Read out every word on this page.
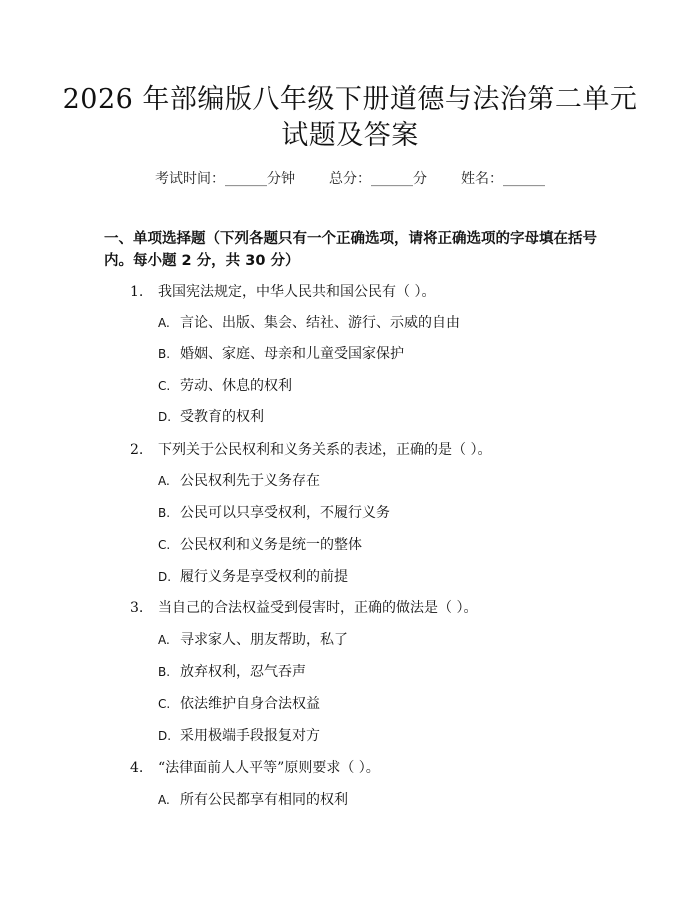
2026 年部编版八年级下册道德与法治第二单元试题及答案
考试时间：______分钟 总分：______分 姓名：______
一、单项选择题（下列各题只有一个正确选项，请将正确选项的字母填在括号内。每小题 2 分，共 30 分）
1. 我国宪法规定，中华人民共和国公民有（ ）。
A. 言论、出版、集会、结社、游行、示威的自由
B. 婚姻、家庭、母亲和儿童受国家保护
C. 劳动、休息的权利
D. 受教育的权利
2. 下列关于公民权利和义务关系的表述，正确的是（ ）。
A. 公民权利先于义务存在
B. 公民可以只享受权利，不履行义务
C. 公民权利和义务是统一的整体
D. 履行义务是享受权利的前提
3. 当自己的合法权益受到侵害时，正确的做法是（ ）。
A. 寻求家人、朋友帮助，私了
B. 放弃权利，忍气吞声
C. 依法维护自身合法权益
D. 采用极端手段报复对方
4. “法律面前人人平等”原则要求（ ）。
A. 所有公民都享有相同的权利
